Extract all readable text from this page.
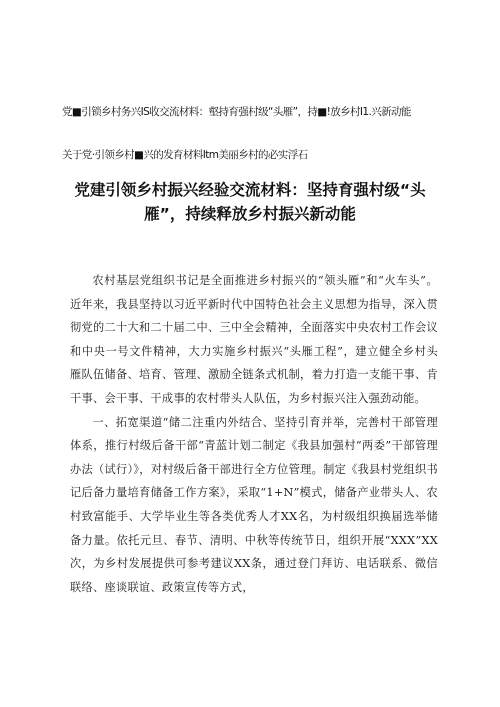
党■引锁乡村务兴IS收交流材料：壑持育强村级“头雁”，持■!放乡村I1.兴新动能
关于党·引领乡村■兴的发育材料Itm美丽乡村的必实浮石
党建引领乡村振兴经验交流材料：坚持育强村级“头雁”，持续释放乡村振兴新动能

农村基层党组织书记是全面推进乡村振兴的“领头雁”和“火车头”。近年来，我县坚持以习近平新时代中国特色社会主义思想为指导，深入贯彻党的二十大和二十届二中、三中全会精神，全面落实中央农村工作会议和中央一号文件精神，大力实施乡村振兴“头雁工程”，建立健全乡村头雁队伍储备、培育、管理、激励全链条式机制，着力打造一支能干事、肯干事、会干事、干成事的农村带头人队伍，为乡村振兴注入强劲动能。

一、拓宽渠道“储二注重内外结合、坚持引育并举，完善村干部管理体系，推行村级后备干部“青蓝计划二制定《我县加强村“两委”干部管理办法（试行）》，对村级后备干部进行全方位管理。制定《我县村党组织书记后备力量培育储备工作方案》，采取“1+N”模式，储备产业带头人、农村致富能手、大学毕业生等各类优秀人才XX名，为村级组织换届选举储备力量。依托元旦、春节、清明、中秋等传统节日，组织开展“XXX”XX次，为乡村发展提供可参考建议XX条，通过登门拜访、电话联系、微信联络、座谈联谊、政策宣传等方式，
